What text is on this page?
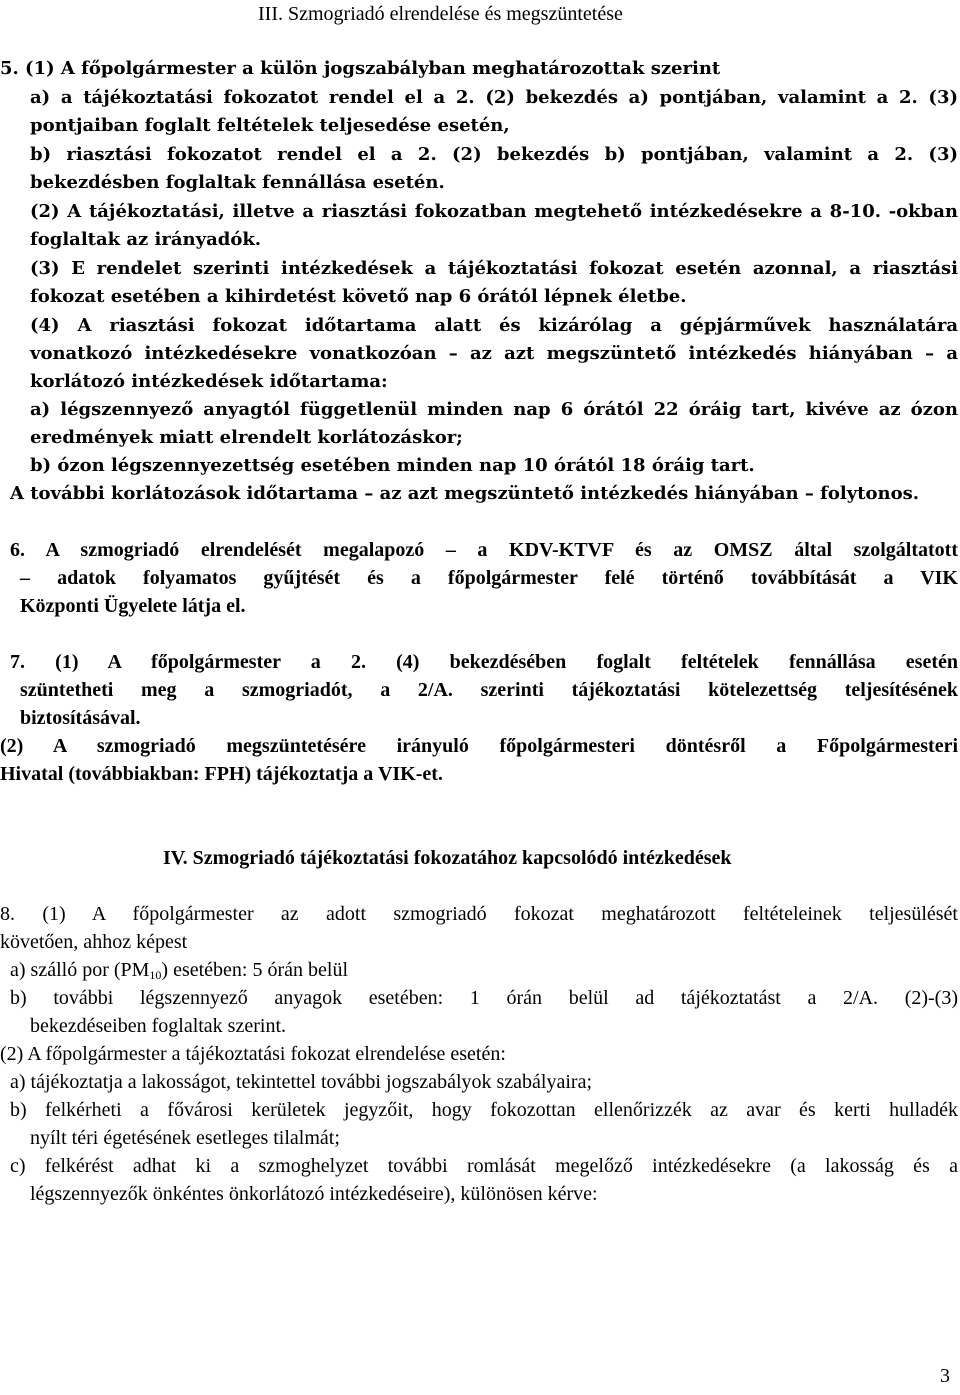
III. Szmogriadó elrendelése és megszüntetése
5. (1) A főpolgármester a külön jogszabályban meghatározottak szerint
a) a tájékoztatási fokozatot rendel el a 2. (2) bekezdés a) pontjában, valamint a 2. (3)
pontjaiban foglalt feltételek teljesedése esetén,
b) riasztási fokozatot rendel el a 2. (2) bekezdés b) pontjában, valamint a 2. (3)
bekezdésben foglaltak fennállása esetén.
(2) A tájékoztatási, illetve a riasztási fokozatban megtehető intézkedésekre a 8-10. -okban
foglaltak az irányadók.
(3) E rendelet szerinti intézkedések a tájékoztatási fokozat esetén azonnal, a riasztási
fokozat esetében a kihirdetést követő nap 6 órától lépnek életbe.
(4) A riasztási fokozat időtartama alatt és kizárólag a gépjárművek használatára
vonatkozó intézkedésekre vonatkozóan – az azt megszüntető intézkedés hiányában – a
korlátozó intézkedések időtartama:
a) légszennyező anyagtól függetlenül minden nap 6 órától 22 óráig tart, kivéve az ózon
eredmények miatt elrendelt korlátozáskor;
b) ózon légszennyezettség esetében minden nap 10 órától 18 óráig tart.
A további korlátozások időtartama – az azt megszüntető intézkedés hiányában – folytonos.
6. A szmogriadó elrendelését megalapozó – a KDV-KTVF és az OMSZ által szolgáltatott
– adatok folyamatos gyűjtését és a főpolgármester felé történő továbbítását a VIK
Központi Ügyelete látja el.
7. (1) A főpolgármester a 2. (4) bekezdésében foglalt feltételek fennállása esetén
szüntetheti meg a szmogriadót, a 2/A. szerinti tájékoztatási kötelezettség teljesítésének
biztosításával.
(2) A szmogriadó megszüntetésére irányuló főpolgármesteri döntésről a Főpolgármesteri
Hivatal (továbbiakban: FPH) tájékoztatja a VIK-et.
IV. Szmogriadó tájékoztatási fokozatához kapcsolódó intézkedések
8. (1) A főpolgármester az adott szmogriadó fokozat meghatározott feltételeinek teljesülését
követően, ahhoz képest
a) szálló por $(PM_{10})$ esetében: 5 órán belül
b) további légszennyező anyagok esetében: 1 órán belül ad tájékoztatást a 2/A. (2)-(3)
bekezdéseiben foglaltak szerint.
(2) A főpolgármester a tájékoztatási fokozat elrendelése esetén:
a) tájékoztatja a lakosságot, tekintettel további jogszabályok szabályaira;
b) felkérheti a fővárosi kerületek jegyzőit, hogy fokozottan ellenőrizzék az avar és kerti hulladék
nyílt téri égetésének esetleges tilalmát;
c) felkérést adhat ki a szmoghelyzet további romlását megelőző intézkedésekre (a lakosság és a
légszennyezők önkéntes önkorlátozó intézkedéseire), különösen kérve:
3
